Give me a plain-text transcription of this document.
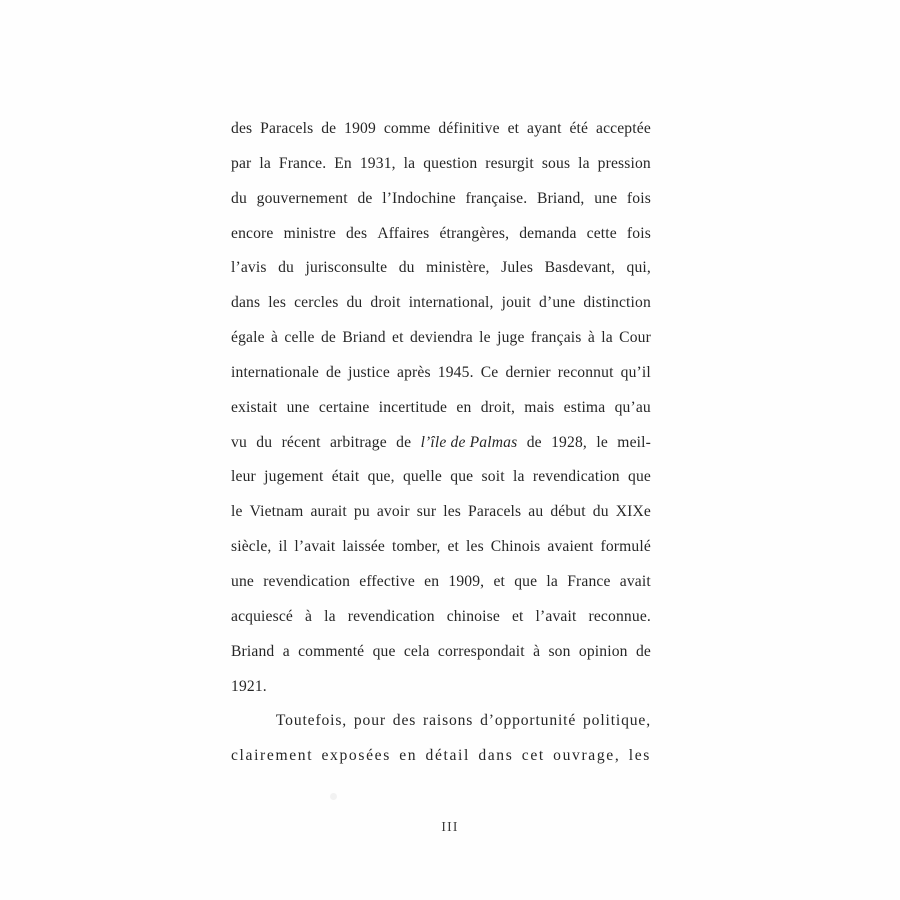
des Paracels de 1909 comme définitive et ayant été acceptée
par la France. En 1931, la question resurgit sous la pression
du gouvernement de l’Indochine française. Briand, une fois
encore ministre des Affaires étrangères, demanda cette fois
l’avis du jurisconsulte du ministère, Jules Basdevant, qui,
dans les cercles du droit international, jouit d’une distinction
égale à celle de Briand et deviendra le juge français à la Cour
internationale de justice après 1945. Ce dernier reconnut qu’il
existait une certaine incertitude en droit, mais estima qu’au
vu du récent arbitrage de l’île de Palmas de 1928, le meil-
leur jugement était que, quelle que soit la revendication que
le Vietnam aurait pu avoir sur les Paracels au début du XIXe
siècle, il l’avait laissée tomber, et les Chinois avaient formulé
une revendication effective en 1909, et que la France avait
acquiescé à la revendication chinoise et l’avait reconnue.
Briand a commenté que cela correspondait à son opinion de
1921.
Toutefois, pour des raisons d’opportunité politique,
clairement exposées en détail dans cet ouvrage, les
III
